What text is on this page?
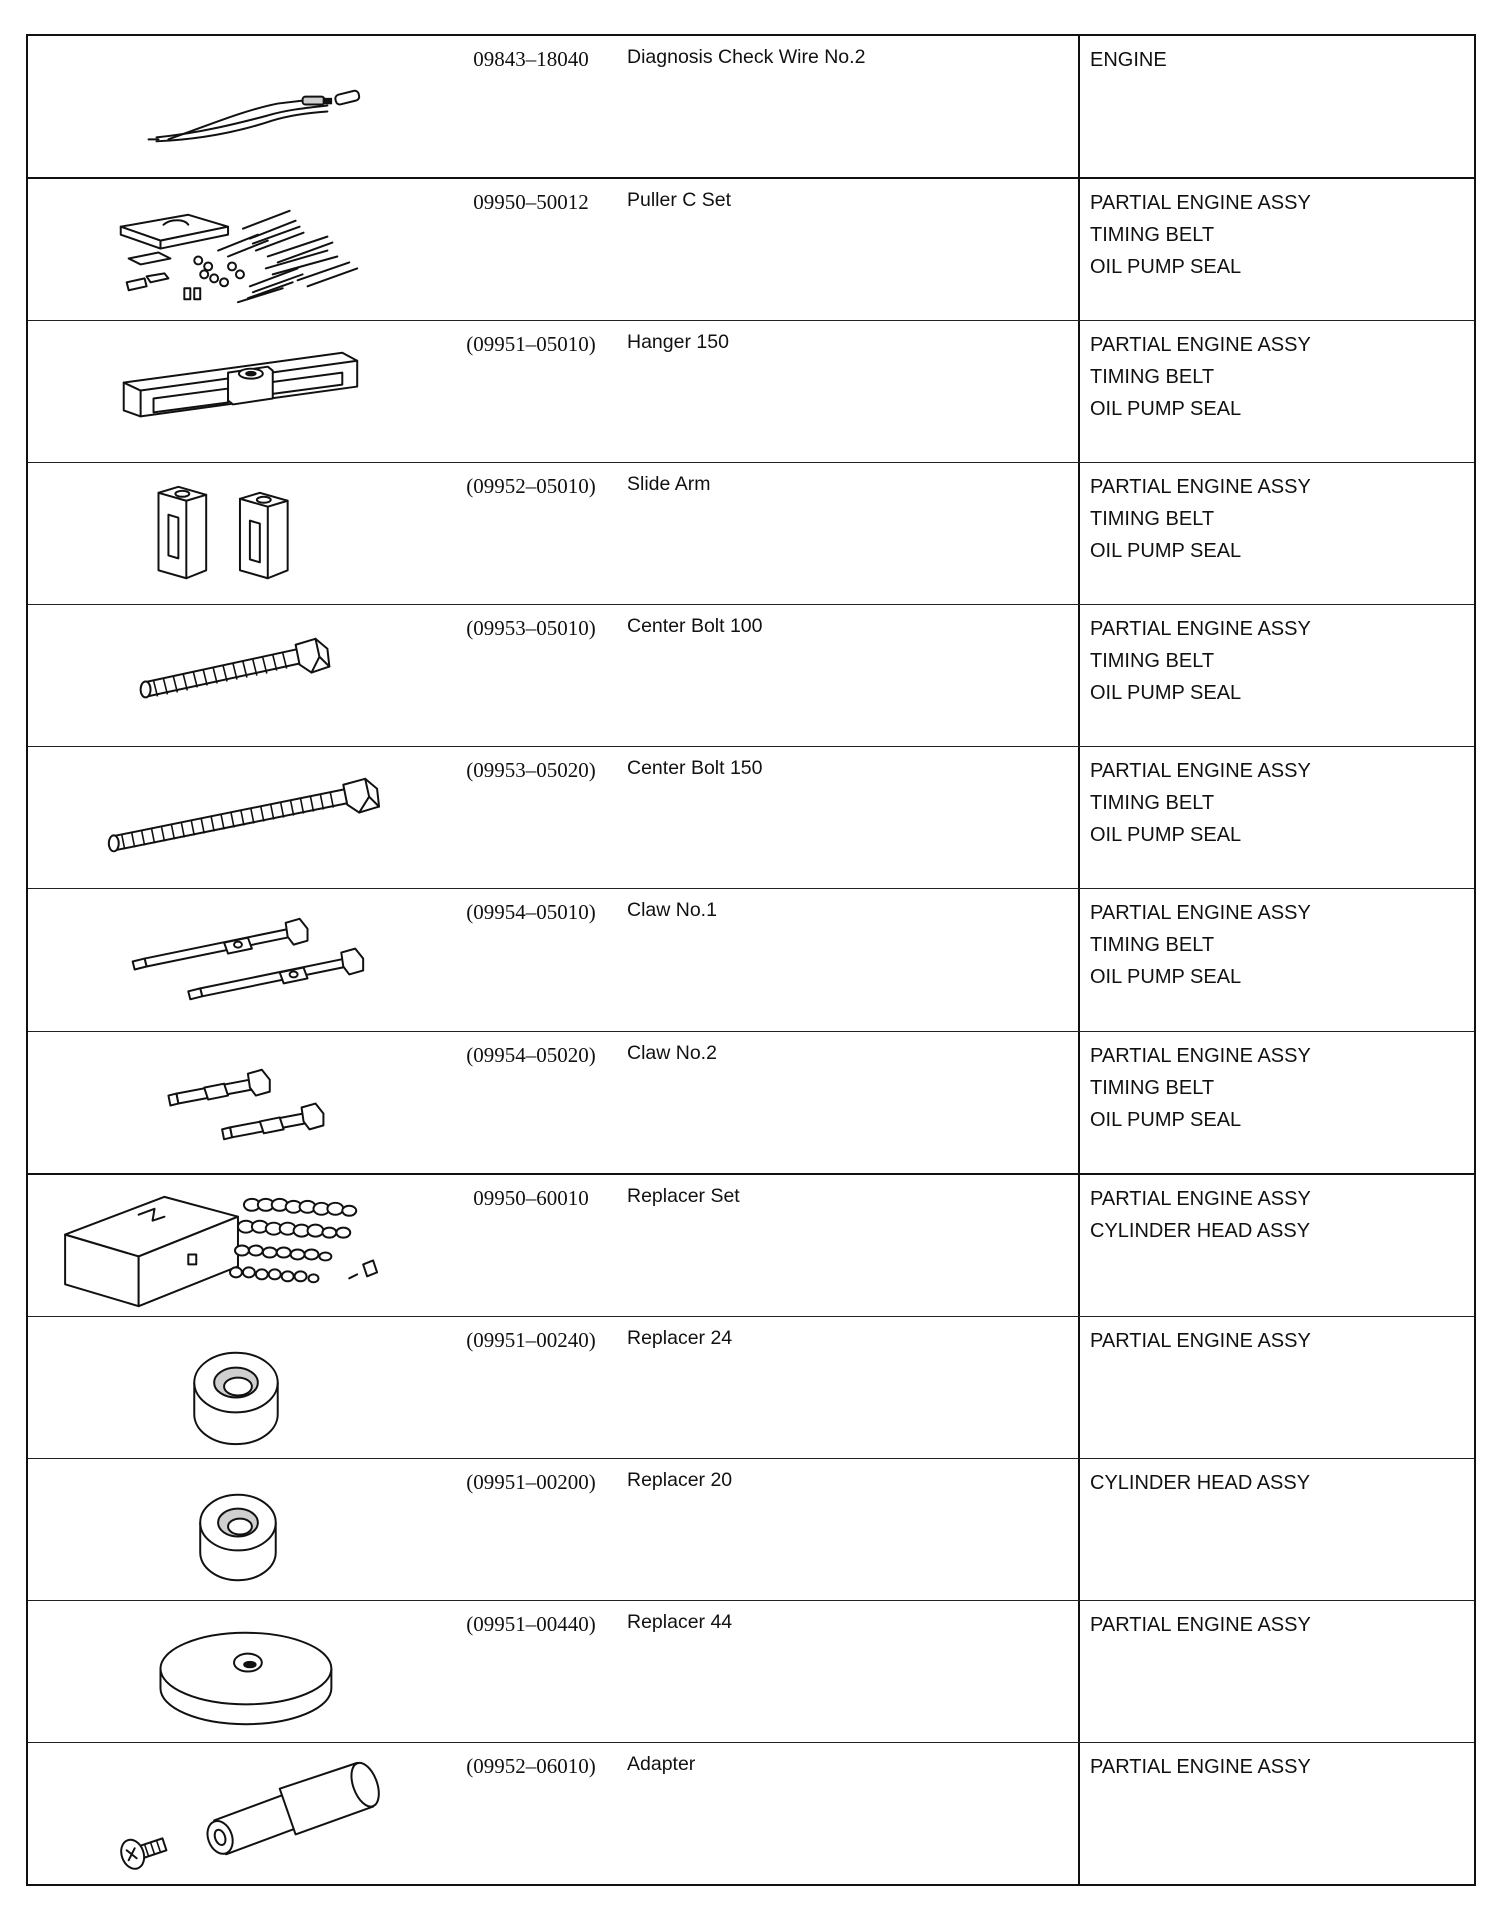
09843–18040	Diagnosis Check Wire No.2	ENGINE
09950–50012	Puller C Set	PARTIAL ENGINE ASSY
TIMING BELT
OIL PUMP SEAL
(09951–05010)	Hanger 150	PARTIAL ENGINE ASSY
TIMING BELT
OIL PUMP SEAL
(09952–05010)	Slide Arm	PARTIAL ENGINE ASSY
TIMING BELT
OIL PUMP SEAL
(09953–05010)	Center Bolt 100	PARTIAL ENGINE ASSY
TIMING BELT
OIL PUMP SEAL
(09953–05020)	Center Bolt 150	PARTIAL ENGINE ASSY
TIMING BELT
OIL PUMP SEAL
(09954–05010)	Claw No.1	PARTIAL ENGINE ASSY
TIMING BELT
OIL PUMP SEAL
(09954–05020)	Claw No.2	PARTIAL ENGINE ASSY
TIMING BELT
OIL PUMP SEAL
09950–60010	Replacer Set	PARTIAL ENGINE ASSY
CYLINDER HEAD ASSY
(09951–00240)	Replacer 24	PARTIAL ENGINE ASSY
(09951–00200)	Replacer 20	CYLINDER HEAD ASSY
(09951–00440)	Replacer 44	PARTIAL ENGINE ASSY
(09952–06010)	Adapter	PARTIAL ENGINE ASSY
